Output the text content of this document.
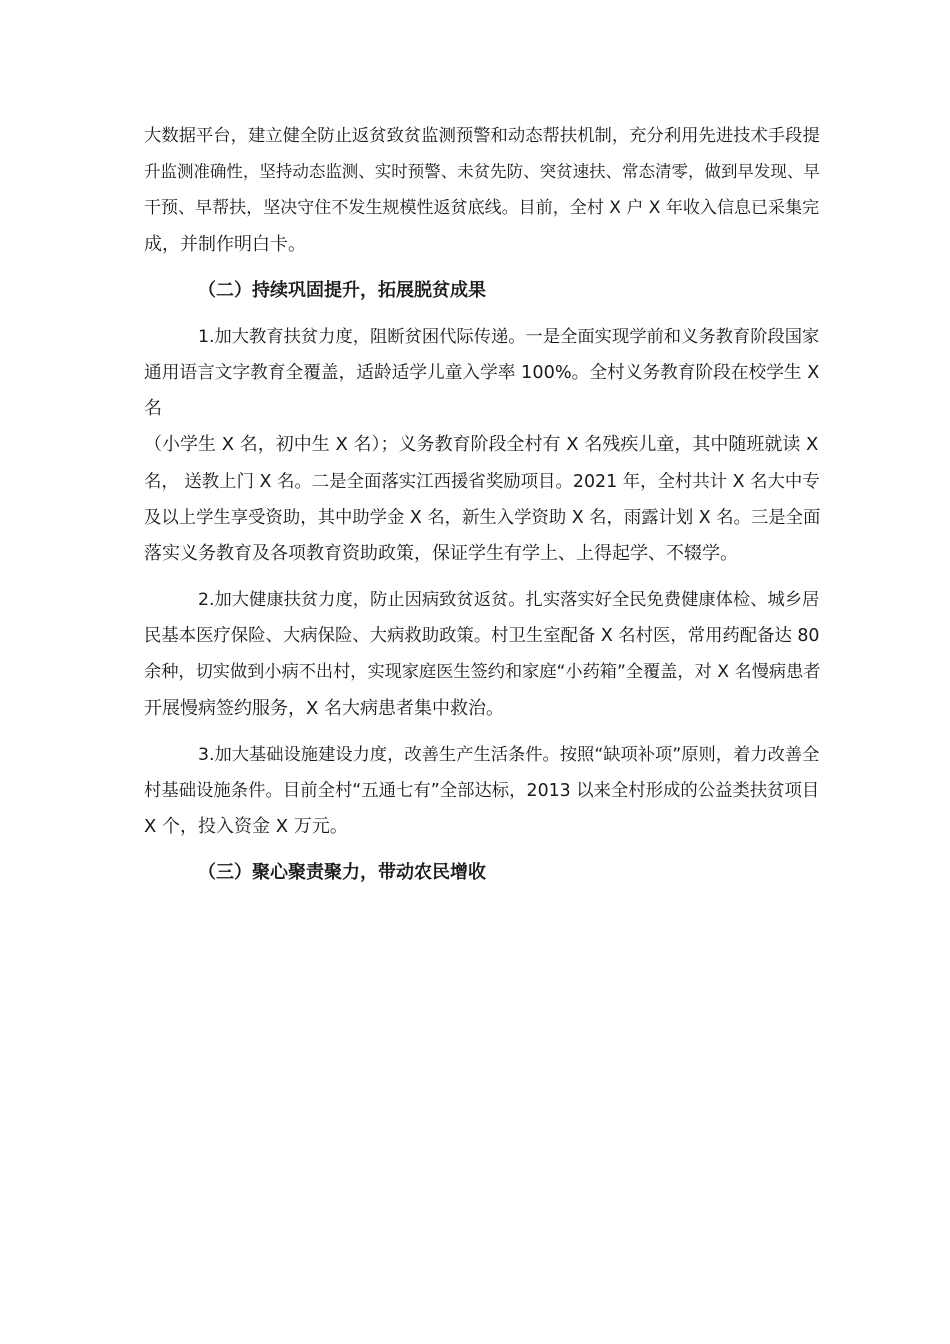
大数据平台，建立健全防止返贫致贫监测预警和动态帮扶机制，充分利用先进技术手段提
升监测准确性，坚持动态监测、实时预警、未贫先防、突贫速扶、常态清零，做到早发现、早
干预、早帮扶，坚决守住不发生规模性返贫底线。目前，全村 X 户 X 年收入信息已采集完
成，并制作明白卡。
（二）持续巩固提升，拓展脱贫成果
1.加大教育扶贫力度，阻断贫困代际传递。一是全面实现学前和义务教育阶段国家
通用语言文字教育全覆盖，适龄适学儿童入学率 100%。全村义务教育阶段在校学生 X
名
（小学生 X 名，初中生 X 名）；义务教育阶段全村有 X 名残疾儿童，其中随班就读 X
名， 送教上门 X 名。二是全面落实江西援省奖励项目。2021 年，全村共计 X 名大中专
及以上学生享受资助，其中助学金 X 名，新生入学资助 X 名，雨露计划 X 名。三是全面
落实义务教育及各项教育资助政策，保证学生有学上、上得起学、不辍学。
2.加大健康扶贫力度，防止因病致贫返贫。扎实落实好全民免费健康体检、城乡居
民基本医疗保险、大病保险、大病救助政策。村卫生室配备 X 名村医，常用药配备达 80
余种，切实做到小病不出村，实现家庭医生签约和家庭“小药箱”全覆盖，对 X 名慢病患者
开展慢病签约服务，X 名大病患者集中救治。
3.加大基础设施建设力度，改善生产生活条件。按照“缺项补项”原则，着力改善全
村基础设施条件。目前全村“五通七有”全部达标，2013 以来全村形成的公益类扶贫项目
X 个，投入资金 X 万元。
（三）聚心聚责聚力，带动农民增收
